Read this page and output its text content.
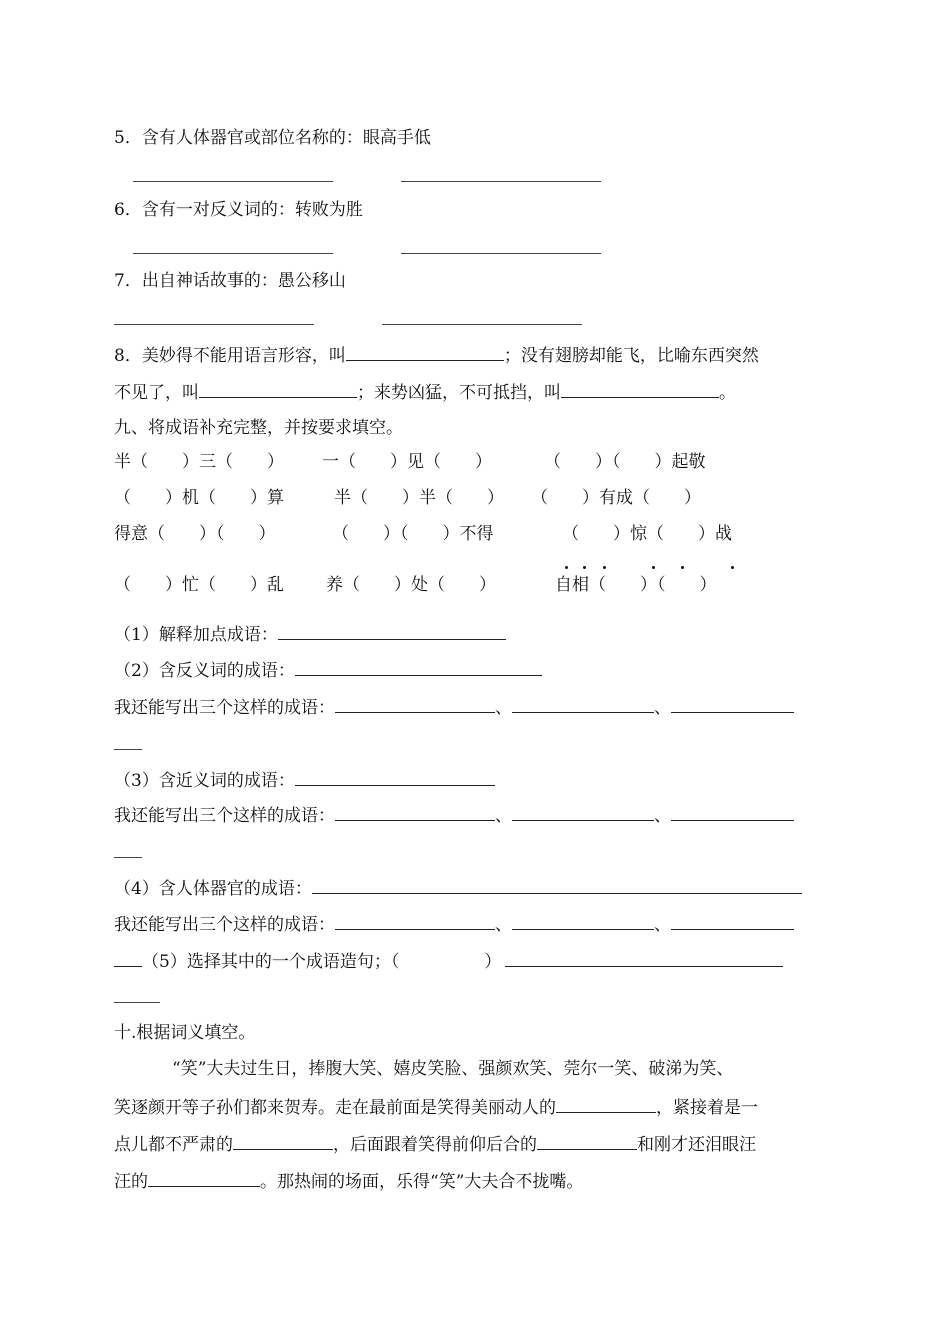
5．含有人体器官或部位名称的：眼高手低
6．含有一对反义词的：转败为胜
7．出自神话故事的：愚公移山
8．美妙得不能用语言形容，叫	；没有翅膀却能飞，比喻东西突然
不见了，叫	；来势凶猛，不可抵挡，叫	。
九、将成语补充完整，并按要求填空。
半（　　）三（　　） 一（　　）见（　　）	（　　）（　　）起敬
（　　）机（　　）算	半（　　）半（　　） （　　）有成（　　）
得意（　　）（　　）	（　　）（　　）不得	（　　）惊（　　）战
（　　）忙（　　）乱 养（　　）处（　　）	自相（　　）（　　）
（1）解释加点成语：
（2）含反义词的成语：
我还能写出三个这样的成语：	、	、
（3）含近义词的成语：
我还能写出三个这样的成语：	、	、
（4）含人体器官的成语：
我还能写出三个这样的成语：	、	、
（5）选择其中的一个成语造句；（　　　　　）
十.根据词义填空。
“笑”大夫过生日，捧腹大笑、嬉皮笑脸、强颜欢笑、莞尔一笑、破涕为笑、
笑逐颜开等子孙们都来贺寿。走在最前面是笑得美丽动人的	，紧接着是一
点儿都不严肃的	，后面跟着笑得前仰后合的	和刚才还泪眼汪
汪的	。那热闹的场面，乐得“笑”大夫合不拢嘴。
